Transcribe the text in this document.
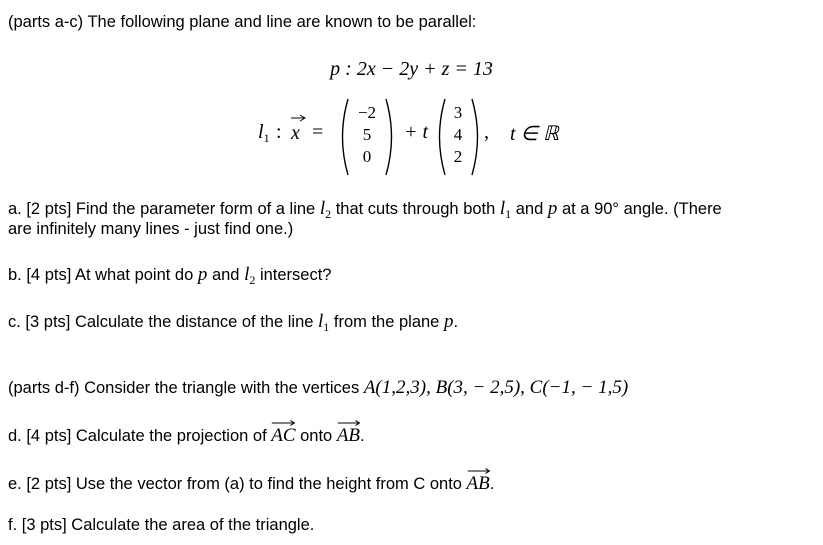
(parts a-c) The following plane and line are known to be parallel:
p : 2x − 2y + z = 13
$l_1$ : x =
−2
5
0
+ t
3
4
2
, t ∈ ℝ
a. [2 pts] Find the parameter form of a line $l_2$ that cuts through both $l_1$ and p at a 90° angle. (There
are infinitely many lines - just find one.)
b. [4 pts] At what point do p and $l_2$ intersect?
c. [3 pts] Calculate the distance of the line $l_1$ from the plane p.
(parts d-f) Consider the triangle with the vertices A(1,2,3), B(3, − 2,5), C(−1, − 1,5)
d. [4 pts] Calculate the projection of
AC onto
AB.
e. [2 pts] Use the vector from (a) to find the height from C onto
AB.
f. [3 pts] Calculate the area of the triangle.
